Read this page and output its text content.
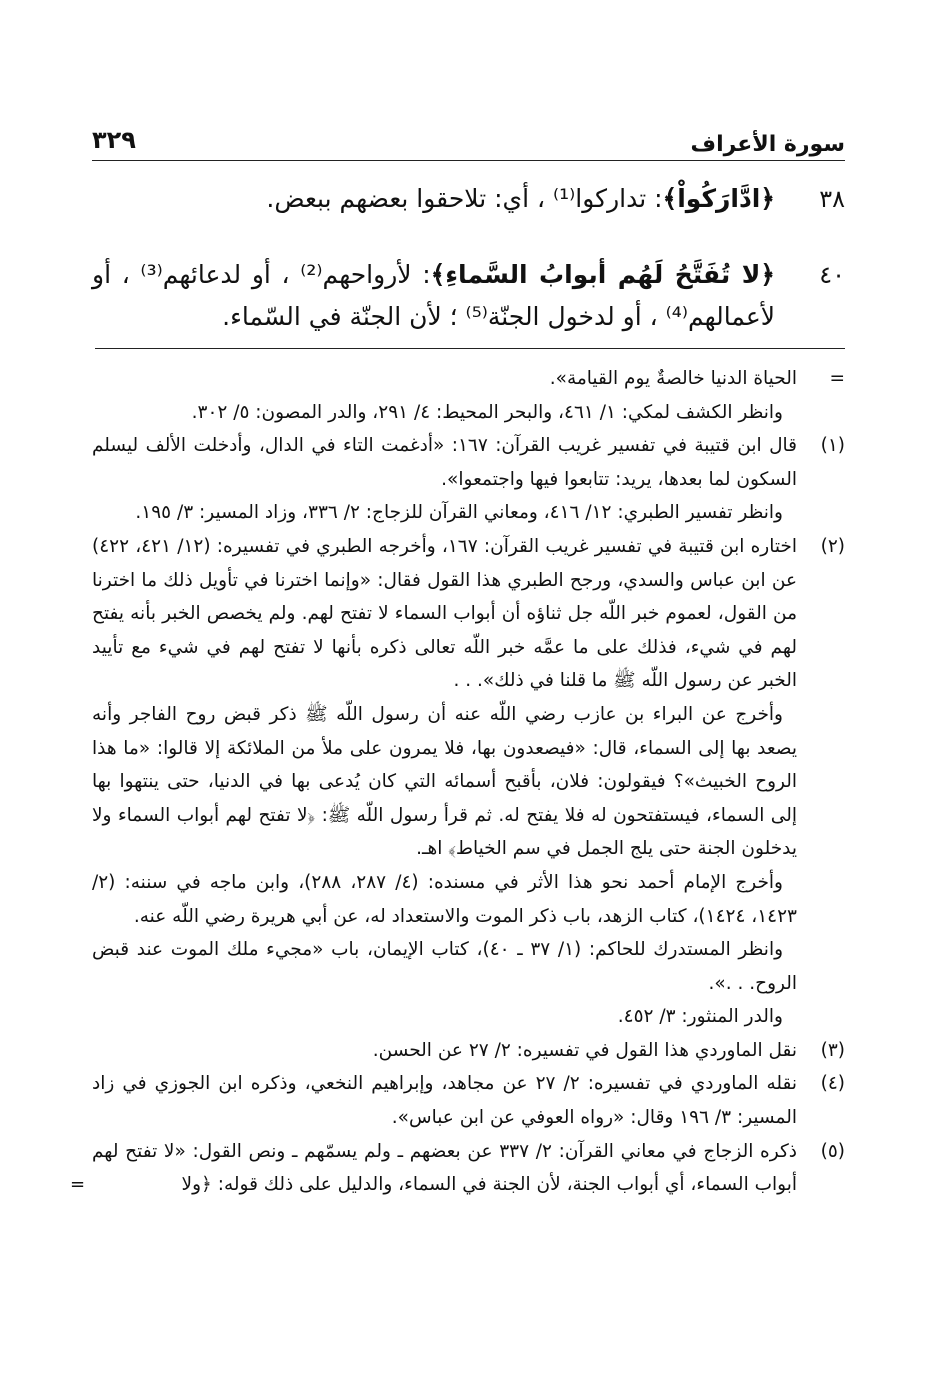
سورة الأعراف
٣٢٩
٣٨
﴿ادَّارَكُواْ﴾: تداركوا⁽¹⁾ ، أي: تلاحقوا بعضهم ببعض.
٤٠
﴿لا تُفَتَّحُ لَهُم أبوابُ السَّماءِ﴾: لأرواحهم⁽²⁾ ، أو لدعائهم⁽³⁾ ، أو لأعمالهم⁽⁴⁾ ، أو لدخول الجنّة⁽⁵⁾ ؛ لأن الجنّة في السّماء.
=

الحياة الدنيا خالصةٌ يوم القيامة».

وانظر الكشف لمكي: ١/ ٤٦١، والبحر المحيط: ٤/ ٢٩١، والدر المصون: ٥/ ٣٠٢.

(١)

قال ابن قتيبة في تفسير غريب القرآن: ١٦٧: «أدغمت التاء في الدال، وأدخلت الألف ليسلم السكون لما بعدها، يريد: تتابعوا فيها واجتمعوا».

وانظر تفسير الطبري: ١٢/ ٤١٦، ومعاني القرآن للزجاج: ٢/ ٣٣٦، وزاد المسير: ٣/ ١٩٥.

(٢)

اختاره ابن قتيبة في تفسير غريب القرآن: ١٦٧، وأخرجه الطبري في تفسيره: (١٢/ ٤٢١، ٤٢٢) عن ابن عباس والسدي، ورجح الطبري هذا القول فقال: «وإنما اخترنا في تأويل ذلك ما اخترنا من القول، لعموم خبر اللّه جل ثناؤه أن أبواب السماء لا تفتح لهم. ولم يخصص الخبر بأنه يفتح لهم في شيء، فذلك على ما عمَّه خبر اللّه تعالى ذكره بأنها لا تفتح لهم في شيء مع تأييد الخبر عن رسول اللّه ﷺ ما قلنا في ذلك». . .

وأخرج عن البراء بن عازب رضي اللّه عنه أن رسول اللّه ﷺ ذكر قبض روح الفاجر وأنه يصعد بها إلى السماء، قال: «فيصعدون بها، فلا يمرون على ملأ من الملائكة إلا قالوا: «ما هذا الروح الخبيث»؟ فيقولون: فلان، بأقبح أسمائه التي كان يُدعى بها في الدنيا، حتى ينتهوا بها إلى السماء، فيستفتحون له فلا يفتح له. ثم قرأ رسول اللّه ﷺ: ﴿لا تفتح لهم أبواب السماء ولا يدخلون الجنة حتى يلج الجمل في سم الخياط﴾ اهـ.

وأخرج الإمام أحمد نحو هذا الأثر في مسنده: (٤/ ٢٨٧، ٢٨٨)، وابن ماجه في سننه: (٢/ ١٤٢٣، ١٤٢٤)، كتاب الزهد، باب ذكر الموت والاستعداد له، عن أبي هريرة رضي اللّه عنه.

وانظر المستدرك للحاكم: (١/ ٣٧ ـ ٤٠)، كتاب الإيمان، باب «مجيء ملك الموت عند قبض الروح. . .».

والدر المنثور: ٣/ ٤٥٢.

(٣)

نقل الماوردي هذا القول في تفسيره: ٢/ ٢٧ عن الحسن.

(٤)

نقله الماوردي في تفسيره: ٢/ ٢٧ عن مجاهد، وإبراهيم النخعي، وذكره ابن الجوزي في زاد المسير: ٣/ ١٩٦ وقال: «رواه العوفي عن ابن عباس».

(٥)

ذكره الزجاج في معاني القرآن: ٢/ ٣٣٧ عن بعضهم ـ ولم يسمّهم ـ ونص القول: «لا تفتح لهم أبواب السماء، أي أبواب الجنة، لأن الجنة في السماء، والدليل على ذلك قوله: ﴿ولا

=
